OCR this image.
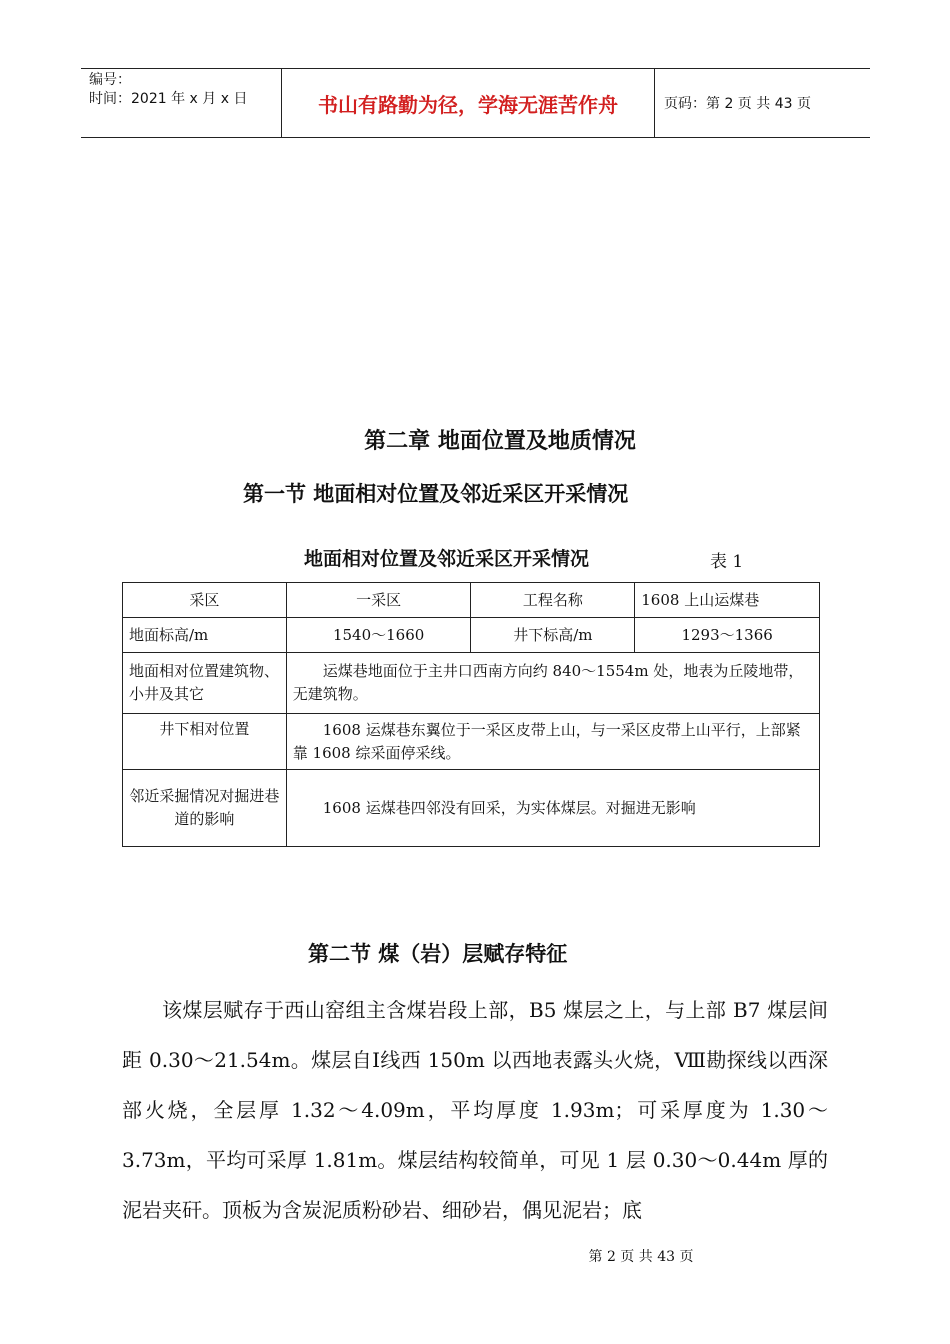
编号：
时间：2021 年 x 月 x 日	书山有路勤为径，学海无涯苦作舟	页码：第 2 页 共 43 页
第二章 地面位置及地质情况
第一节 地面相对位置及邻近采区开采情况
地面相对位置及邻近采区开采情况	表 1
采区	一采区	工程名称	1608 上山运煤巷
地面标高/m	1540～1660	井下标高/m	1293～1366
地面相对位置建筑物、小井及其它	运煤巷地面位于主井口西南方向约 840～1554m 处，地表为丘陵地带，无建筑物。		
井下相对位置	1608 运煤巷东翼位于一采区皮带上山，与一采区皮带上山平行，上部紧靠 1608 综采面停采线。		
邻近采掘情况对掘进巷道的影响	1608 运煤巷四邻没有回采，为实体煤层。对掘进无影响		
第二节 煤（岩）层赋存特征

该煤层赋存于西山窑组主含煤岩段上部，B5 煤层之上，与上部 B7 煤层间距 0.30～21.54m。煤层自Ⅰ线西 150m 以西地表露头火烧，Ⅷ勘探线以西深部火烧，全层厚 1.32～4.09m，平均厚度 1.93m；可采厚度为 1.30～3.73m，平均可采厚 1.81m。煤层结构较简单，可见 1 层 0.30～0.44m 厚的泥岩夹矸。顶板为含炭泥质粉砂岩、细砂岩，偶见泥岩；底

第 2 页 共 43 页
